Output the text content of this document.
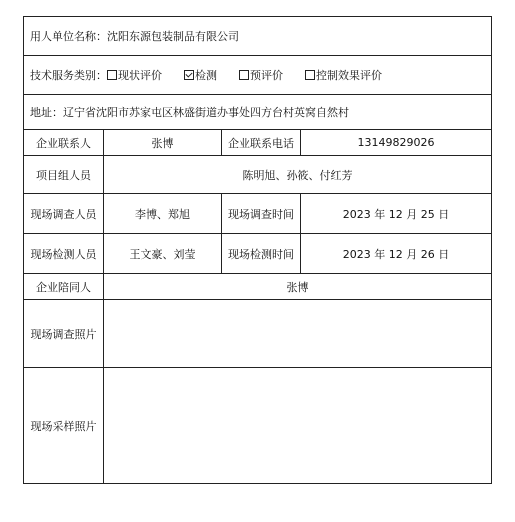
用人单位名称：沈阳东源包装制品有限公司			
技术服务类别： 现状评价 检测 预评价 控制效果评价			
地址：辽宁省沈阳市苏家屯区林盛街道办事处四方台村英窝自然村			
企业联系人	张博	企业联系电话	13149829026
项目组人员	陈明旭、孙筱、付红芳		
现场调查人员	李博、郑旭	现场调查时间	2023 年 12 月 25 日
现场检测人员	王文豪、刘莹	现场检测时间	2023 年 12 月 26 日
企业陪同人	张博		
现场调查照片			
现场采样照片			
